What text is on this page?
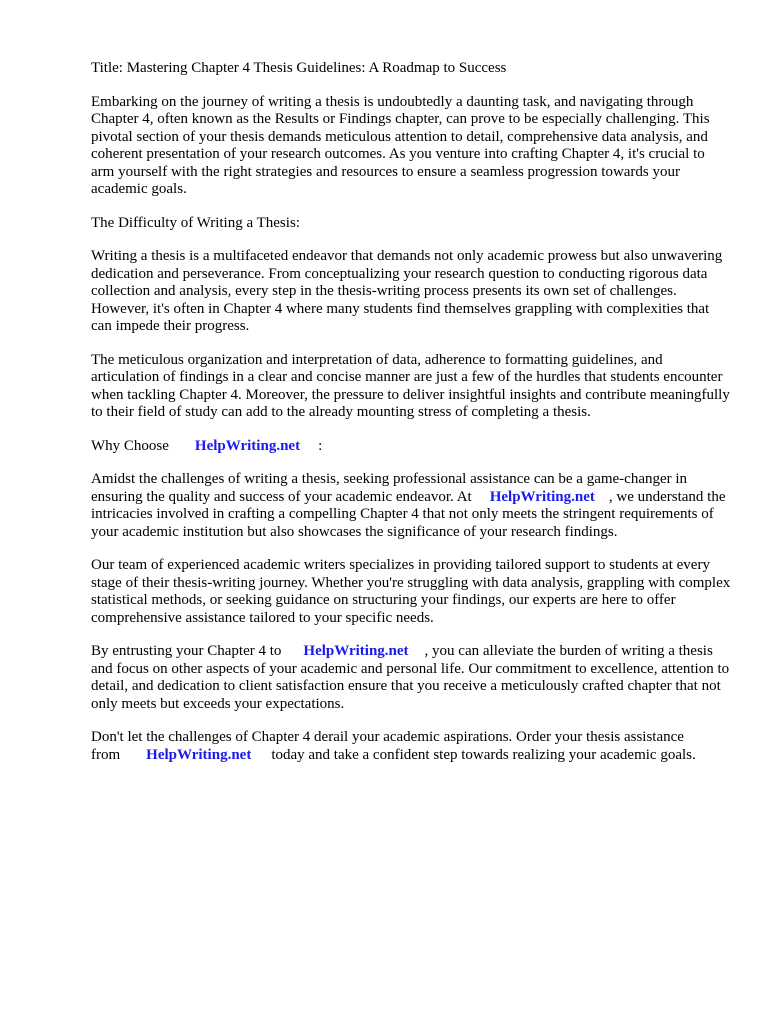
Title: Mastering Chapter 4 Thesis Guidelines: A Roadmap to Success

Embarking on the journey of writing a thesis is undoubtedly a daunting task, and navigating through Chapter 4, often known as the Results or Findings chapter, can prove to be especially challenging. This pivotal section of your thesis demands meticulous attention to detail, comprehensive data analysis, and coherent presentation of your research outcomes. As you venture into crafting Chapter 4, it's crucial to arm yourself with the right strategies and resources to ensure a seamless progression towards your academic goals.

The Difficulty of Writing a Thesis:

Writing a thesis is a multifaceted endeavor that demands not only academic prowess but also unwavering dedication and perseverance. From conceptualizing your research question to conducting rigorous data collection and analysis, every step in the thesis-writing process presents its own set of challenges. However, it's often in Chapter 4 where many students find themselves grappling with complexities that can impede their progress.

The meticulous organization and interpretation of data, adherence to formatting guidelines, and articulation of findings in a clear and concise manner are just a few of the hurdles that students encounter when tackling Chapter 4. Moreover, the pressure to deliver insightful insights and contribute meaningfully to their field of study can add to the already mounting stress of completing a thesis.

Why Choose HelpWriting.net :

Amidst the challenges of writing a thesis, seeking professional assistance can be a game-changer in ensuring the quality and success of your academic endeavor. At HelpWriting.net , we understand the intricacies involved in crafting a compelling Chapter 4 that not only meets the stringent requirements of your academic institution but also showcases the significance of your research findings.

Our team of experienced academic writers specializes in providing tailored support to students at every stage of their thesis-writing journey. Whether you're struggling with data analysis, grappling with complex statistical methods, or seeking guidance on structuring your findings, our experts are here to offer comprehensive assistance tailored to your specific needs.

By entrusting your Chapter 4 to HelpWriting.net , you can alleviate the burden of writing a thesis and focus on other aspects of your academic and personal life. Our commitment to excellence, attention to detail, and dedication to client satisfaction ensure that you receive a meticulously crafted chapter that not only meets but exceeds your expectations.

Don't let the challenges of Chapter 4 derail your academic aspirations. Order your thesis assistance from HelpWriting.net today and take a confident step towards realizing your academic goals.
